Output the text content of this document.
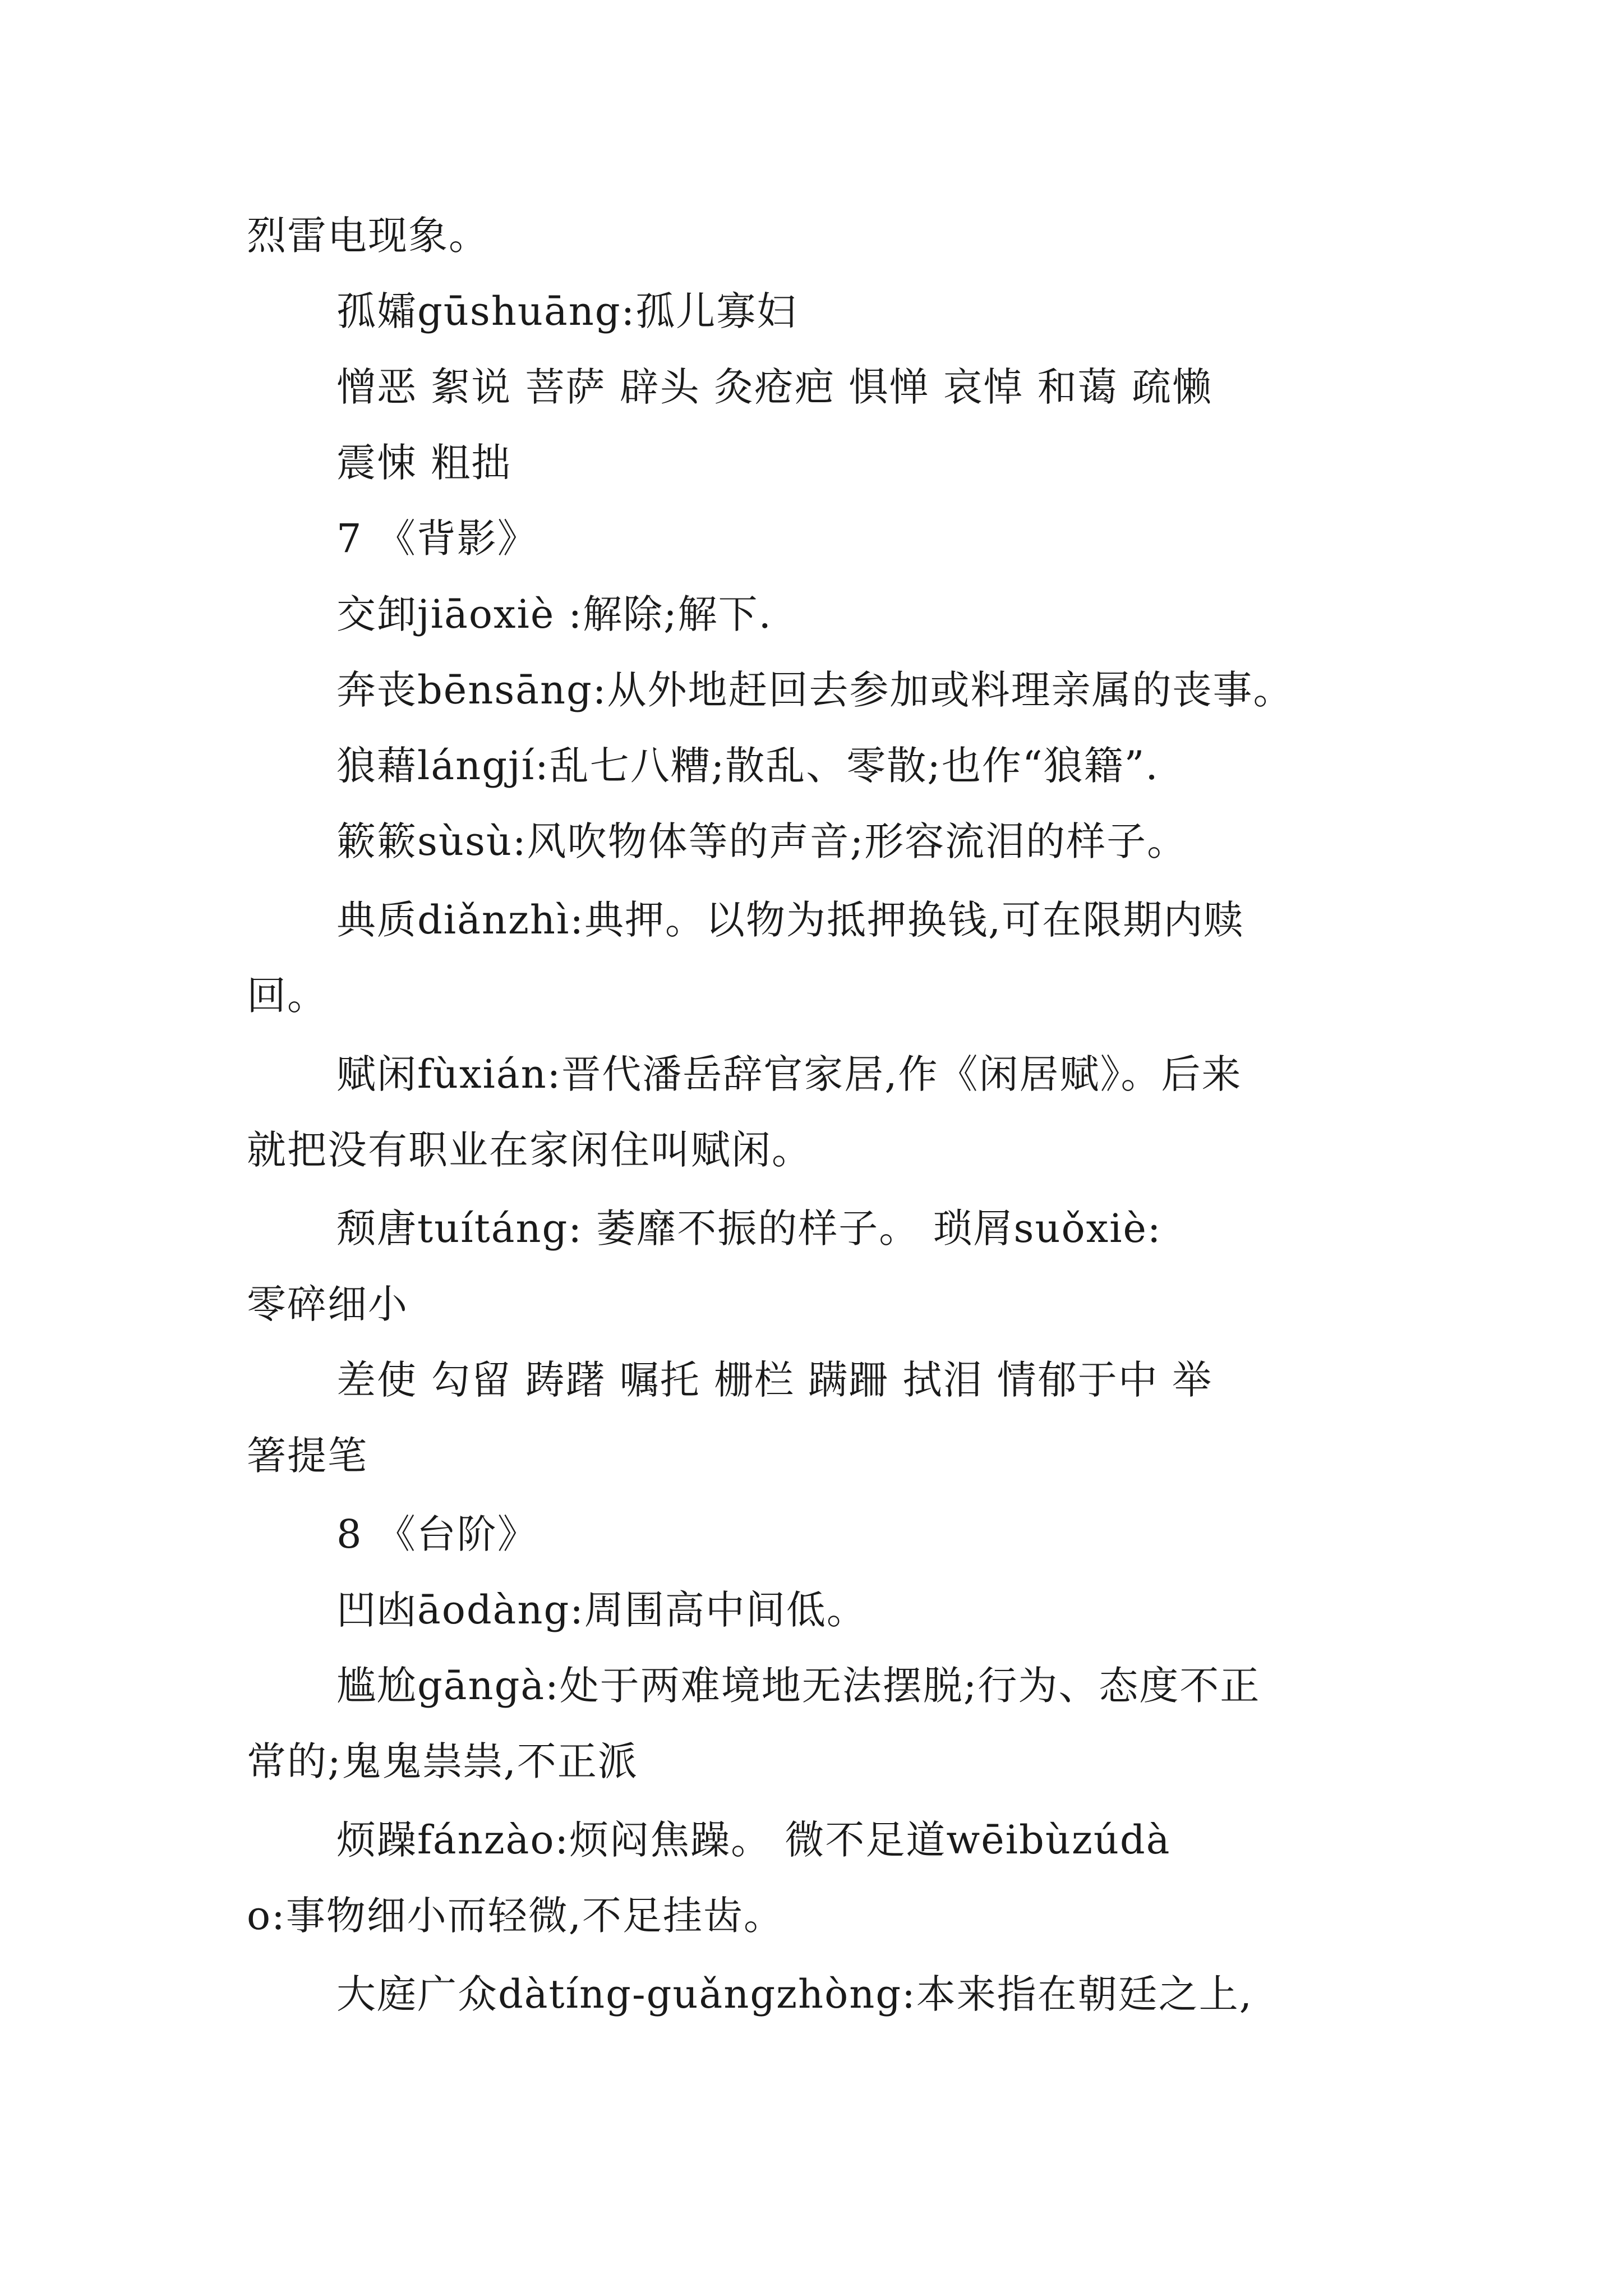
烈雷电现象。
孤孀gūshuāng:孤儿寡妇
憎恶 絮说 菩萨 辟头 灸疮疤 惧惮 哀悼 和蔼 疏懒
震悚 粗拙
7 《背影》
交卸jiāoxiè :解除;解下.
奔丧bēnsāng:从外地赶回去参加或料理亲属的丧事。
狼藉lángjí:乱七八糟;散乱、零散;也作“狼籍”.
簌簌sùsù:风吹物体等的声音;形容流泪的样子。
典质diǎnzhì:典押。以物为抵押换钱,可在限期内赎
回。
赋闲fùxián:晋代潘岳辞官家居,作《闲居赋》。后来
就把没有职业在家闲住叫赋闲。
颓唐tuítáng: 萎靡不振的样子。 琐屑suǒxiè:
零碎细小
差使 勾留 踌躇 嘱托 栅栏 蹒跚 拭泪 情郁于中 举
箸提笔
8 《台阶》
凹凼āodàng:周围高中间低。
尴尬gāngà:处于两难境地无法摆脱;行为、态度不正
常的;鬼鬼祟祟,不正派
烦躁fánzào:烦闷焦躁。 微不足道wēibùzúdà
o:事物细小而轻微,不足挂齿。
大庭广众dàtíng-guǎngzhòng:本来指在朝廷之上,
